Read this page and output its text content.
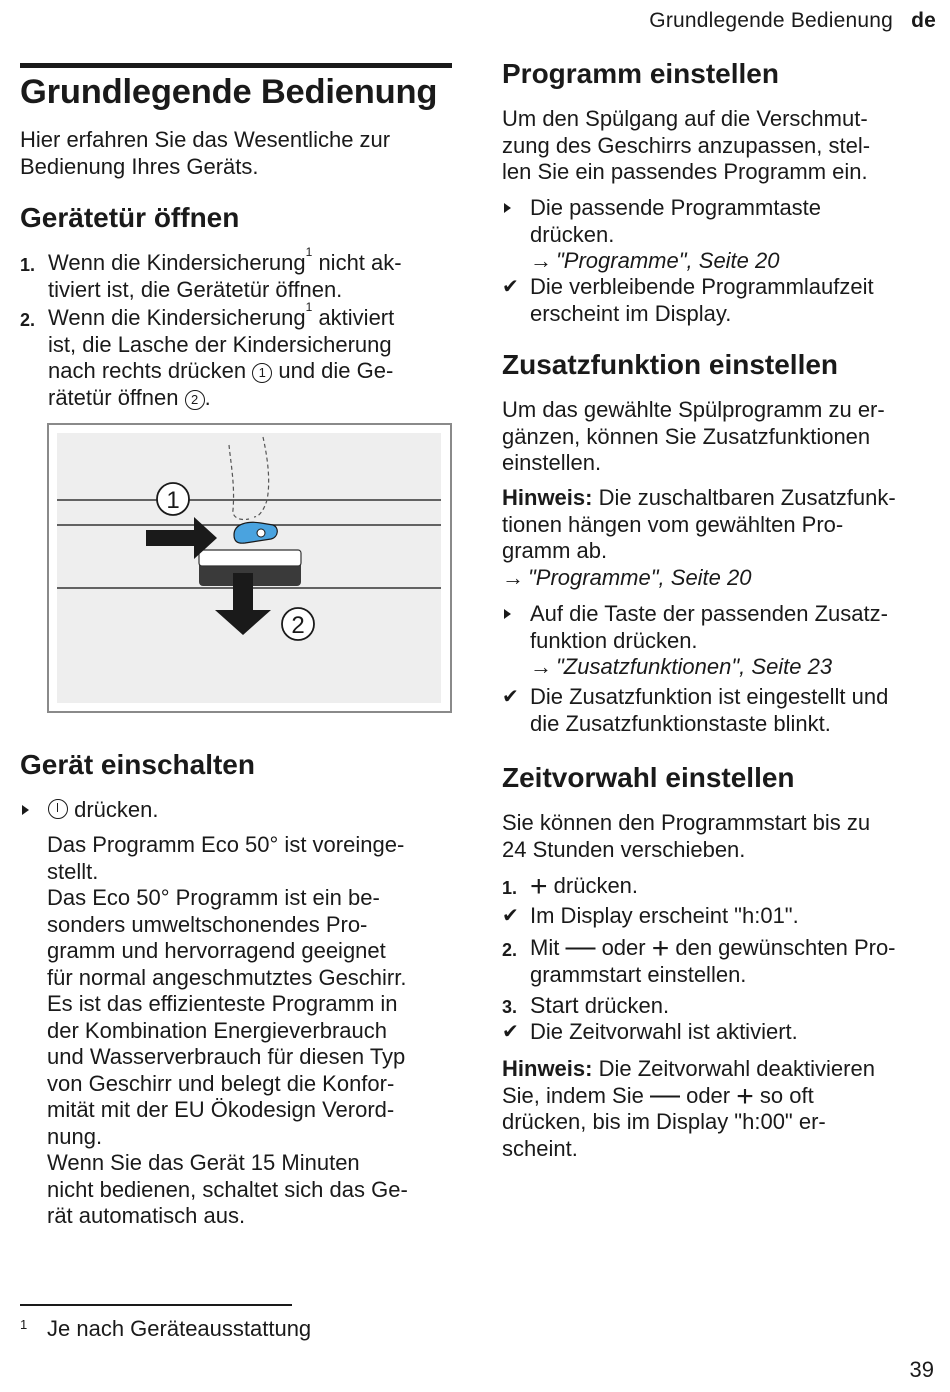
Grundlegende Bedienung de
Grundlegende Bedienung

Hier erfahren Sie das Wesentliche zur
Bedienung Ihres Geräts.

Gerätetür öffnen
1. Wenn die Kindersicherung$^1$ nicht ak-
tiviert ist, die Gerätetür öffnen.
2. Wenn die Kindersicherung$^1$ aktiviert
ist, die Lasche der Kindersicherung
nach rechts drücken 1 und die Ge-
rätetür öffnen 2 .
1
2
Gerät einschalten
drücken.
Das Programm Eco 50° ist voreinge-
stellt.
Das Eco 50° Programm ist ein be-
sonders umweltschonendes Pro-
gramm und hervorragend geeignet
für normal angeschmutztes Geschirr.
Es ist das effizienteste Programm in
der Kombination Energieverbrauch
und Wasserverbrauch für diesen Typ
von Geschirr und belegt die Konfor-
mität mit der EU Ökodesign Verord-
nung.
Wenn Sie das Gerät 15 Minuten
nicht bedienen, schaltet sich das Ge-
rät automatisch aus.
Programm einstellen

Um den Spülgang auf die Verschmut-
zung des Geschirrs anzupassen, stel-
len Sie ein passendes Programm ein.

Die passende Programmtaste
drücken.
→ "Programme", Seite 20
✔ Die verbleibende Programmlaufzeit
erscheint im Display.
Zusatzfunktion einstellen

Um das gewählte Spülprogramm zu er-
gänzen, können Sie Zusatzfunktionen
einstellen.

Hinweis: Die zuschaltbaren Zusatzfunk-
tionen hängen vom gewählten Pro-
gramm ab.
→ "Programme", Seite 20

Auf die Taste der passenden Zusatz-
funktion drücken.
→ "Zusatzfunktionen", Seite 23
✔ Die Zusatzfunktion ist eingestellt und
die Zusatzfunktionstaste blinkt.
Zeitvorwahl einstellen

Sie können den Programmstart bis zu
24 Stunden verschieben.

1. + drücken.
✔ Im Display erscheint "h:01".
2. Mit — oder + den gewünschten Pro-
grammstart einstellen.
3. Start drücken.
✔ Die Zeitvorwahl ist aktiviert.

Hinweis: Die Zeitvorwahl deaktivieren
Sie, indem Sie — oder + so oft
drücken, bis im Display "h:00" er-
scheint.

1 Je nach Geräteausstattung
39
